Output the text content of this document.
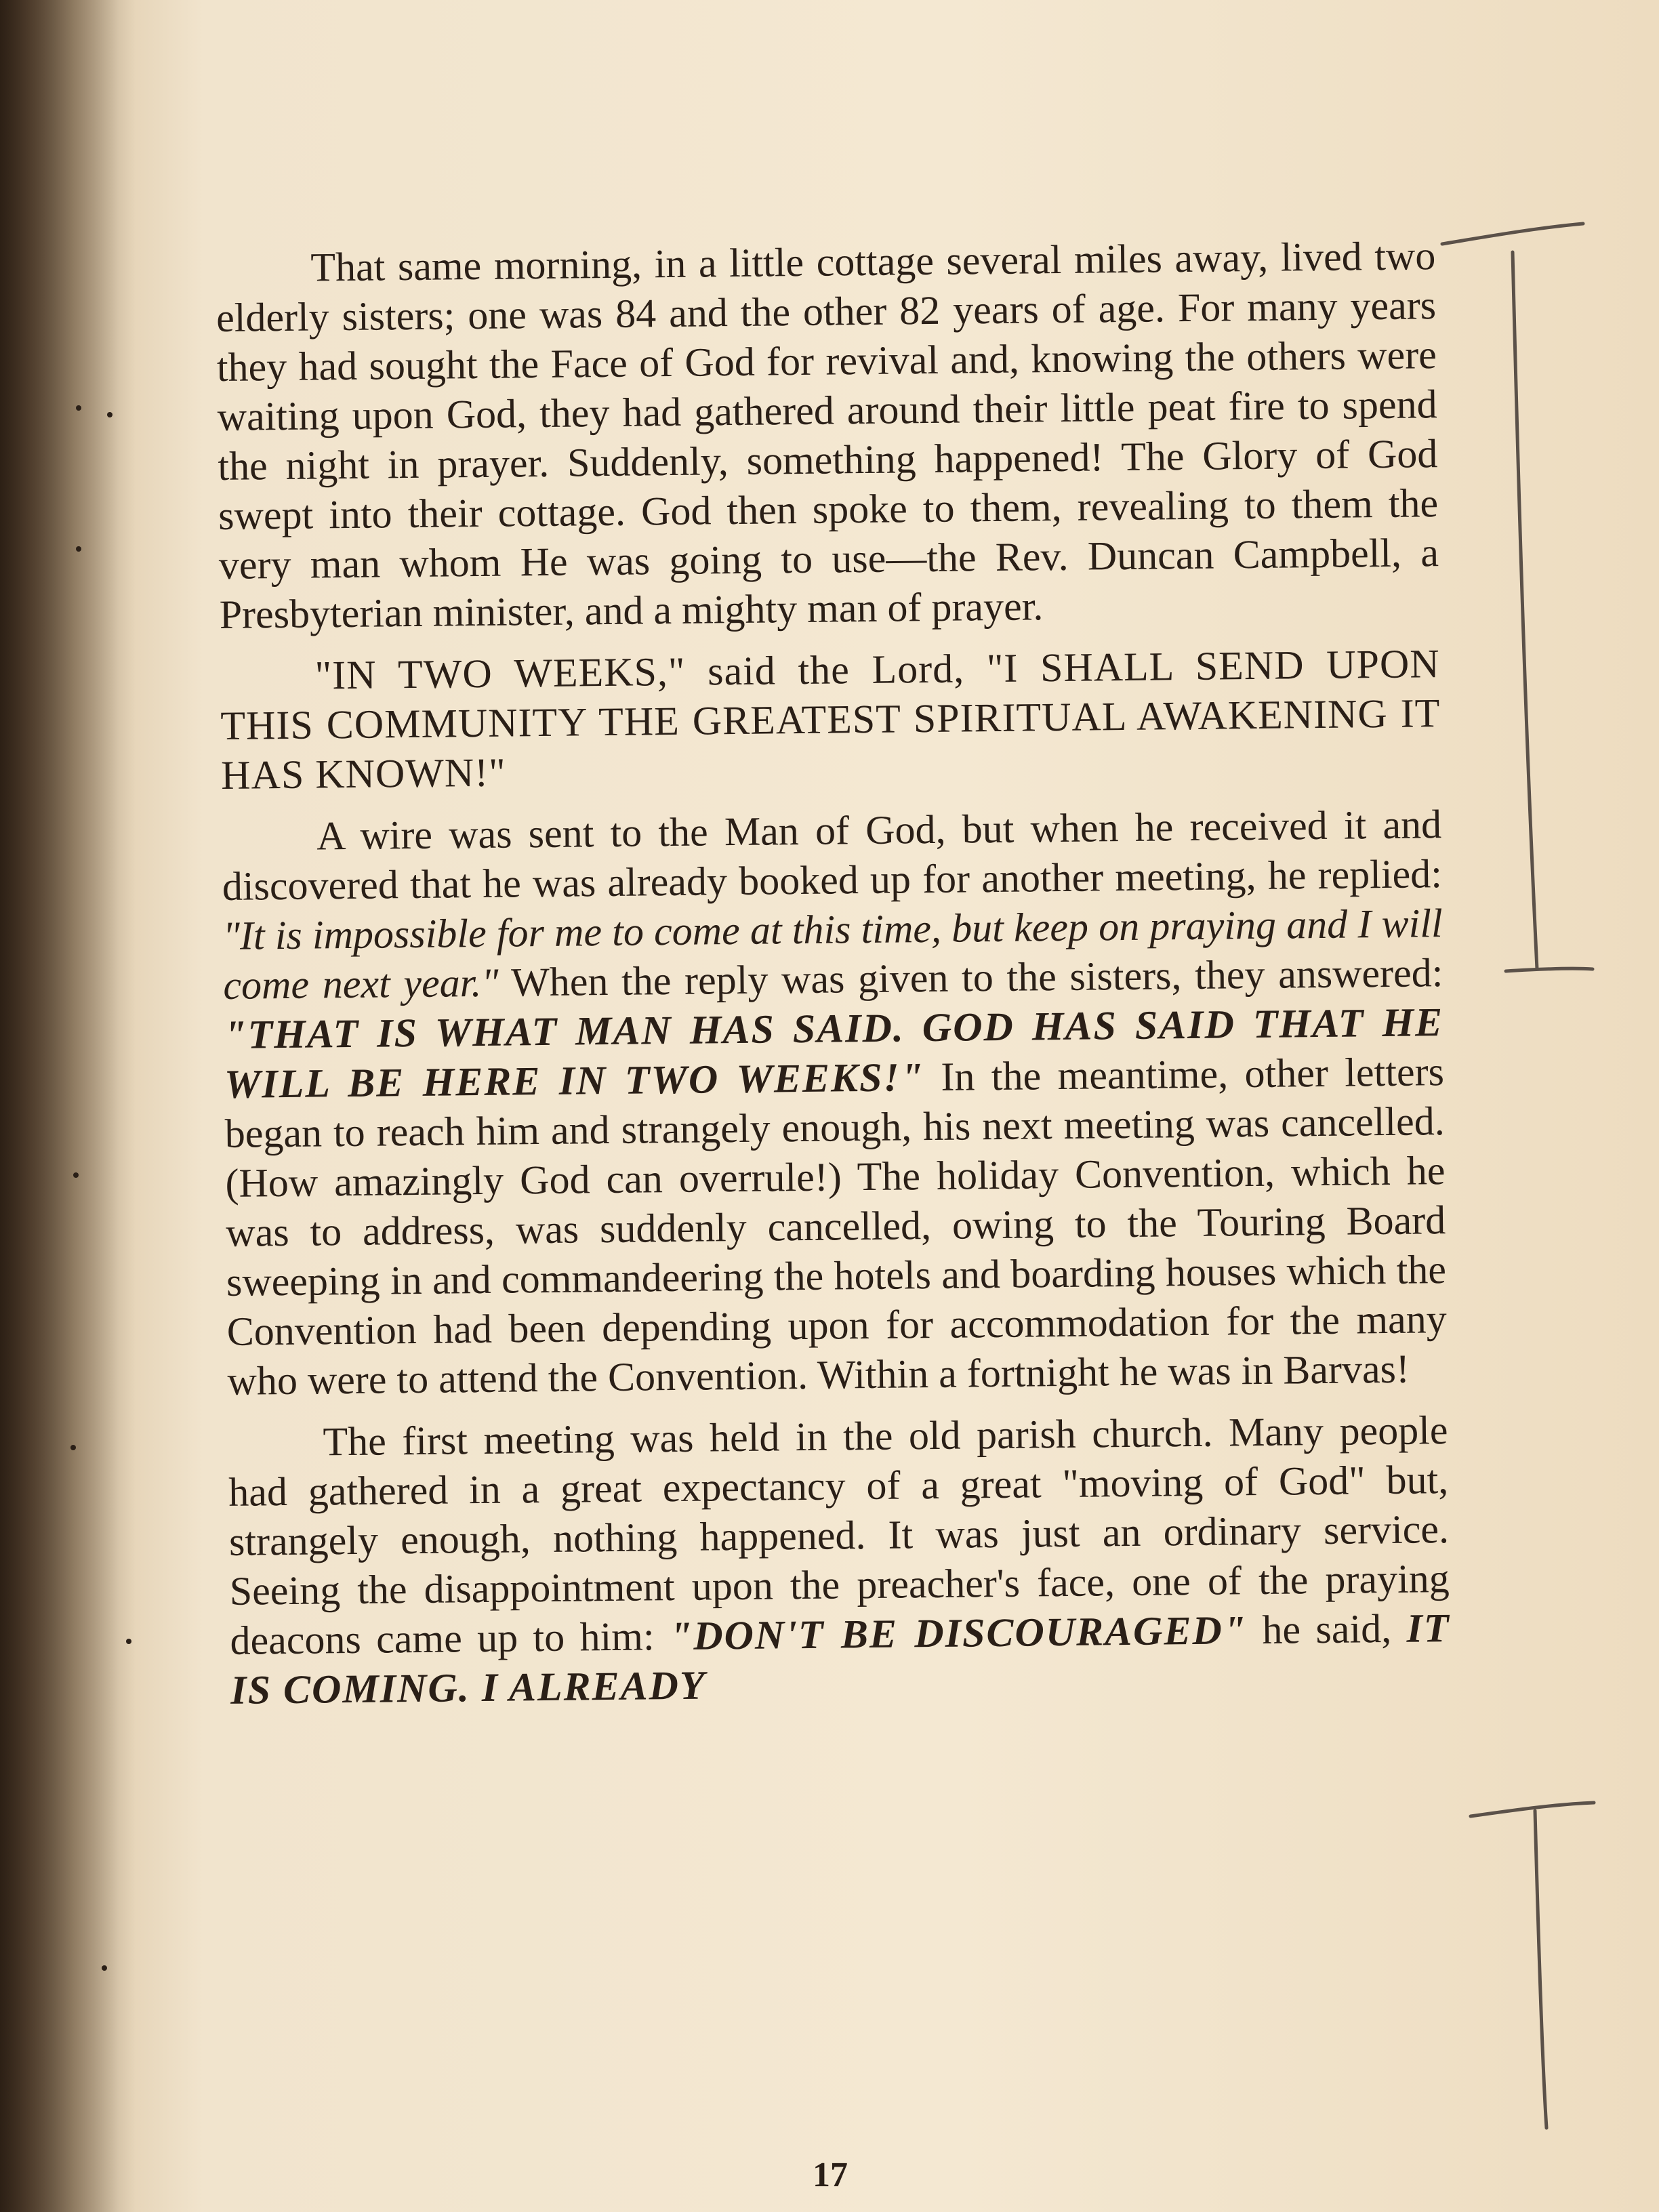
That same morning, in a little cottage several miles away, lived two elderly sisters; one was 84 and the other 82 years of age. For many years they had sought the Face of God for revival and, knowing the others were waiting upon God, they had gathered around their little peat fire to spend the night in prayer. Suddenly, something happened! The Glory of God swept into their cottage. God then spoke to them, revealing to them the very man whom He was going to use—the Rev. Duncan Campbell, a Presbyterian minister, and a mighty man of prayer.

"IN TWO WEEKS," said the Lord, "I SHALL SEND UPON THIS COMMUNITY THE GREATEST SPIRITUAL AWAKENING IT HAS KNOWN!"

A wire was sent to the Man of God, but when he received it and discovered that he was already booked up for another meeting, he replied: "It is impossible for me to come at this time, but keep on praying and I will come next year." When the reply was given to the sisters, they answered: "THAT IS WHAT MAN HAS SAID. GOD HAS SAID THAT HE WILL BE HERE IN TWO WEEKS!" In the meantime, other letters began to reach him and strangely enough, his next meeting was cancelled. (How amazingly God can overrule!) The holiday Convention, which he was to address, was suddenly cancelled, owing to the Touring Board sweeping in and commandeering the hotels and boarding houses which the Convention had been depending upon for accommodation for the many who were to attend the Convention. Within a fortnight he was in Barvas!

The first meeting was held in the old parish church. Many people had gathered in a great expectancy of a great "moving of God" but, strangely enough, nothing happened. It was just an ordinary service. Seeing the disappointment upon the preacher's face, one of the praying deacons came up to him: "DON'T BE DISCOURAGED" he said, IT IS COMING. I ALREADY

17
